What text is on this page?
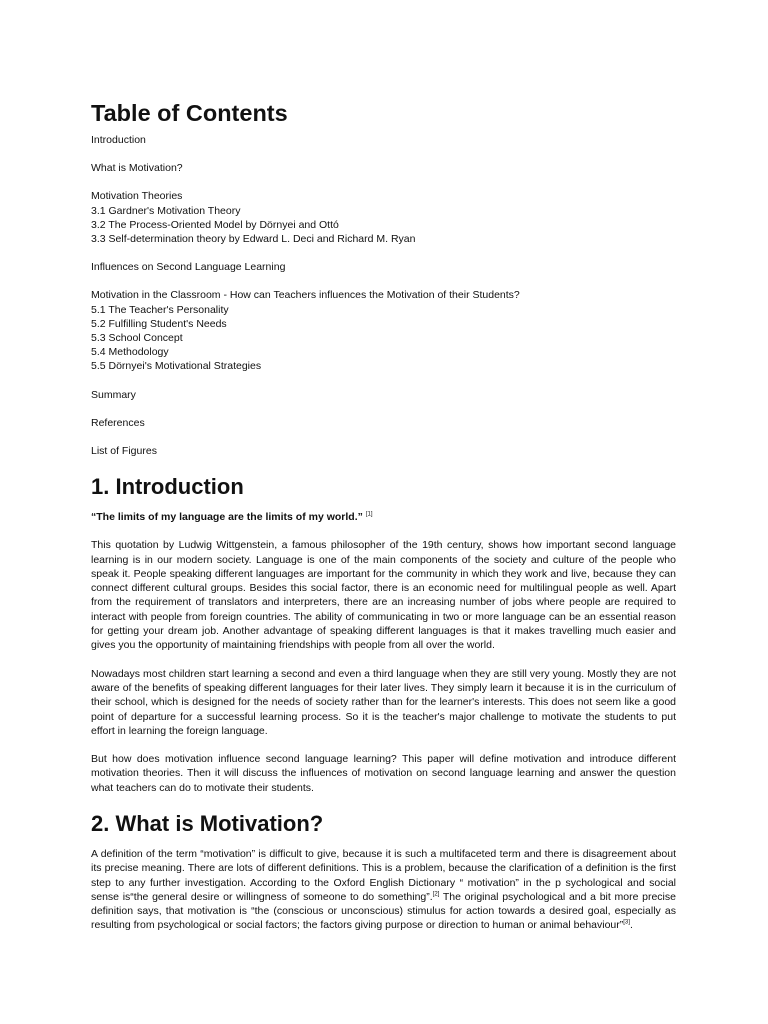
Table of Contents
Introduction
What is Motivation?
Motivation Theories
3.1 Gardner's Motivation Theory
3.2 The Process-Oriented Model by Dörnyei and Ottó
3.3 Self-determination theory by Edward L. Deci and Richard M. Ryan
Influences on Second Language Learning
Motivation in the Classroom - How can Teachers influences the Motivation of their Students?
5.1 The Teacher's Personality
5.2 Fulfilling Student's Needs
5.3 School Concept
5.4 Methodology
5.5 Dörnyei's Motivational Strategies
Summary
References
List of Figures
1. Introduction
“The limits of my language are the limits of my world.” [1]

This quotation by Ludwig Wittgenstein, a famous philosopher of the 19th century, shows how important second language learning is in our modern society. Language is one of the main components of the society and culture of the people who speak it. People speaking different languages are important for the community in which they work and live, because they can connect different cultural groups. Besides this social factor, there is an economic need for multilingual people as well. Apart from the requirement of translators and interpreters, there are an increasing number of jobs where people are required to interact with people from foreign countries. The ability of communicating in two or more language can be an essential reason for getting your dream job. Another advantage of speaking different languages is that it makes travelling much easier and gives you the opportunity of maintaining friendships with people from all over the world.

Nowadays most children start learning a second and even a third language when they are still very young. Mostly they are not aware of the benefits of speaking different languages for their later lives. They simply learn it because it is in the curriculum of their school, which is designed for the needs of society rather than for the learner's interests. This does not seem like a good point of departure for a successful learning process. So it is the teacher's major challenge to motivate the students to put effort in learning the foreign language.

But how does motivation influence second language learning? This paper will define motivation and introduce different motivation theories. Then it will discuss the influences of motivation on second language learning and answer the question what teachers can do to motivate their students.

2. What is Motivation?

A definition of the term “motivation” is difficult to give, because it is such a multifaceted term and there is disagreement about its precise meaning. There are lots of different definitions. This is a problem, because the clarification of a definition is the first step to any further investigation. According to the Oxford English Dictionary “ motivation” in the p sychological and social sense is“the general desire or willingness of someone to do something”.[2] The original psychological and a bit more precise definition says, that motivation is “the (conscious or unconscious) stimulus for action towards a desired goal, especially as resulting from psychological or social factors; the factors giving purpose or direction to human or animal behaviour”[3].
